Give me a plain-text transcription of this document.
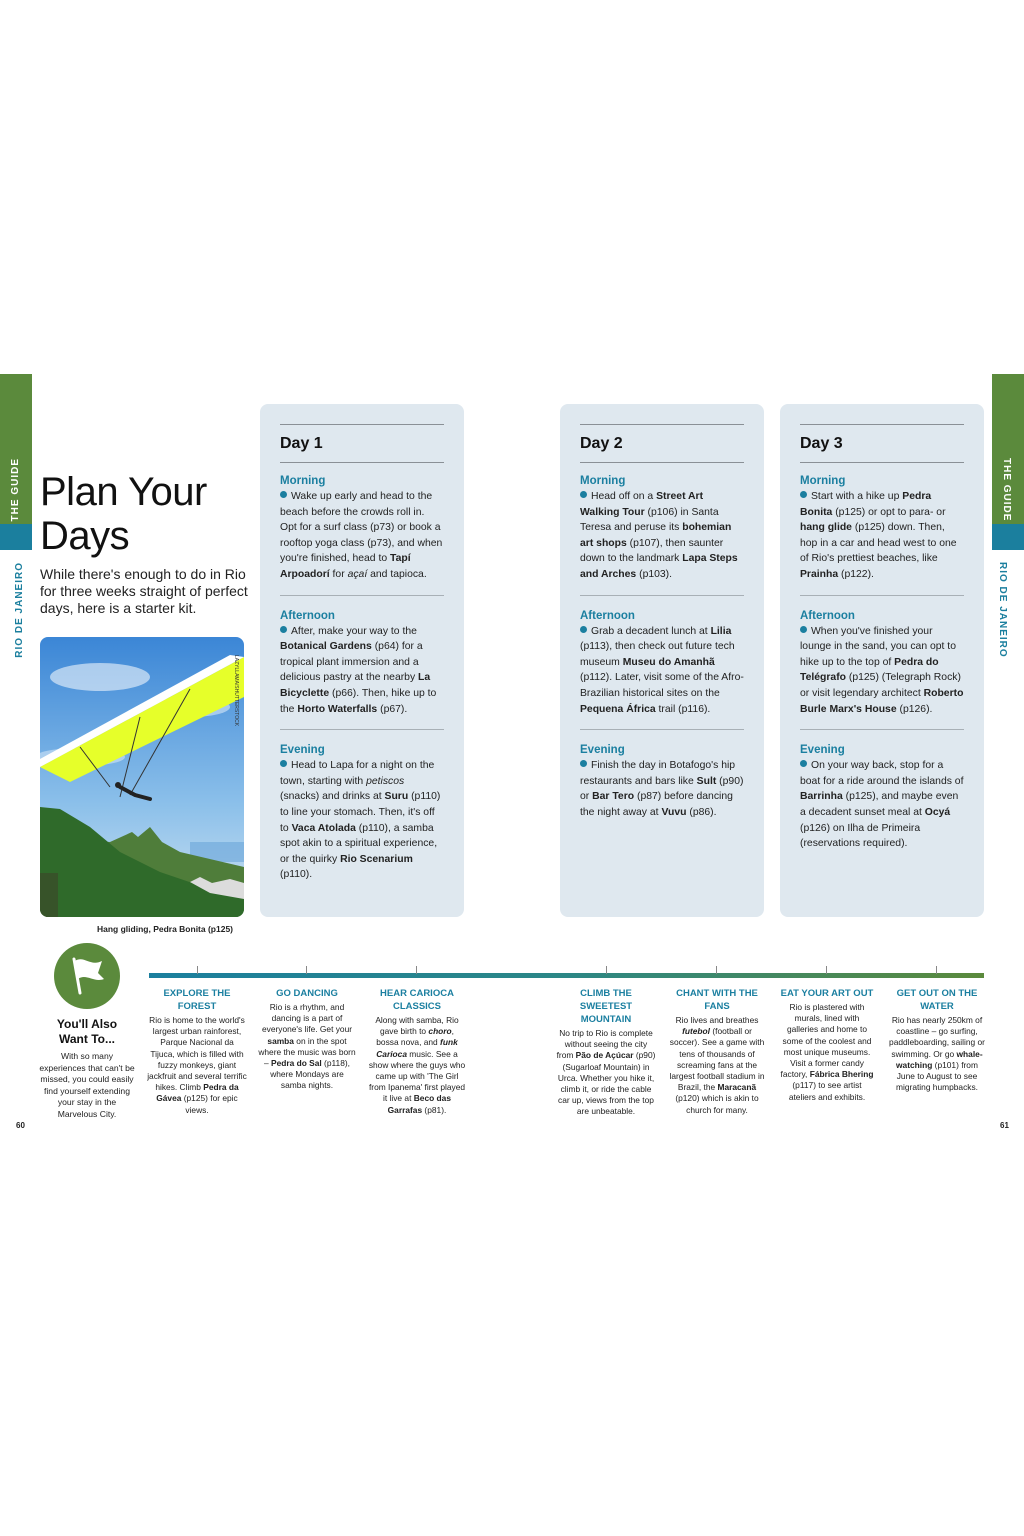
THE GUIDE
RIO DE JANEIRO
THE GUIDE
RIO DE JANEIRO
Plan Your Days

While there's enough to do in Rio for three weeks straight of perfect days, here is a starter kit.

LAZYLLAMA/SHUTTERSTOCK
Hang gliding, Pedra Bonita (p125)
Day 1
Morning
Wake up early and head to the beach before the crowds roll in. Opt for a surf class (p73) or book a rooftop yoga class (p73), and when you're finished, head to Tapí Arpoadorí for açaí and tapioca.
Afternoon
After, make your way to the Botanical Gardens (p64) for a tropical plant immersion and a delicious pastry at the nearby La Bicyclette (p66). Then, hike up to the Horto Waterfalls (p67).
Evening
Head to Lapa for a night on the town, starting with petiscos (snacks) and drinks at Suru (p110) to line your stomach. Then, it's off to Vaca Atolada (p110), a samba spot akin to a spiritual experience, or the quirky Rio Scenarium (p110).
Day 2
Morning
Head off on a Street Art Walking Tour (p106) in Santa Teresa and peruse its bohemian art shops (p107), then saunter down to the landmark Lapa Steps and Arches (p103).
Afternoon
Grab a decadent lunch at Lilia (p113), then check out future tech museum Museu do Amanhã (p112). Later, visit some of the Afro-Brazilian historical sites on the Pequena África trail (p116).
Evening
Finish the day in Botafogo's hip restaurants and bars like Sult (p90) or Bar Tero (p87) before dancing the night away at Vuvu (p86).
Day 3
Morning
Start with a hike up Pedra Bonita (p125) or opt to para- or hang glide (p125) down. Then, hop in a car and head west to one of Rio's prettiest beaches, like Prainha (p122).
Afternoon
When you've finished your lounge in the sand, you can opt to hike up to the top of Pedra do Telégrafo (p125) (Telegraph Rock) or visit legendary architect Roberto Burle Marx's House (p126).
Evening
On your way back, stop for a boat for a ride around the islands of Barrinha (p125), and maybe even a decadent sunset meal at Ocyá (p126) on Ilha de Primeira (reservations required).
You'll Also Want To...
With so many experiences that can't be missed, you could easily find yourself extending your stay in the Marvelous City.
EXPLORE THE FOREST
Rio is home to the world's largest urban rainforest, Parque Nacional da Tijuca, which is filled with fuzzy monkeys, giant jackfruit and several terrific hikes. Climb Pedra da Gávea (p125) for epic views.
GO DANCING
Rio is a rhythm, and dancing is a part of everyone's life. Get your samba on in the spot where the music was born – Pedra do Sal (p118), where Mondays are samba nights.
HEAR CARIOCA CLASSICS
Along with samba, Rio gave birth to choro, bossa nova, and funk Carioca music. See a show where the guys who came up with 'The Girl from Ipanema' first played it live at Beco das Garrafas (p81).
CLIMB THE SWEETEST MOUNTAIN
No trip to Rio is complete without seeing the city from Pão de Açúcar (p90) (Sugarloaf Mountain) in Urca. Whether you hike it, climb it, or ride the cable car up, views from the top are unbeatable.
CHANT WITH THE FANS
Rio lives and breathes futebol (football or soccer). See a game with tens of thousands of screaming fans at the largest football stadium in Brazil, the Maracanã (p120) which is akin to church for many.
EAT YOUR ART OUT
Rio is plastered with murals, lined with galleries and home to some of the coolest and most unique museums. Visit a former candy factory, Fábrica Bhering (p117) to see artist ateliers and exhibits.
GET OUT ON THE WATER
Rio has nearly 250km of coastline – go surfing, paddleboarding, sailing or swimming. Or go whale-watching (p101) from June to August to see migrating humpbacks.
60	61
